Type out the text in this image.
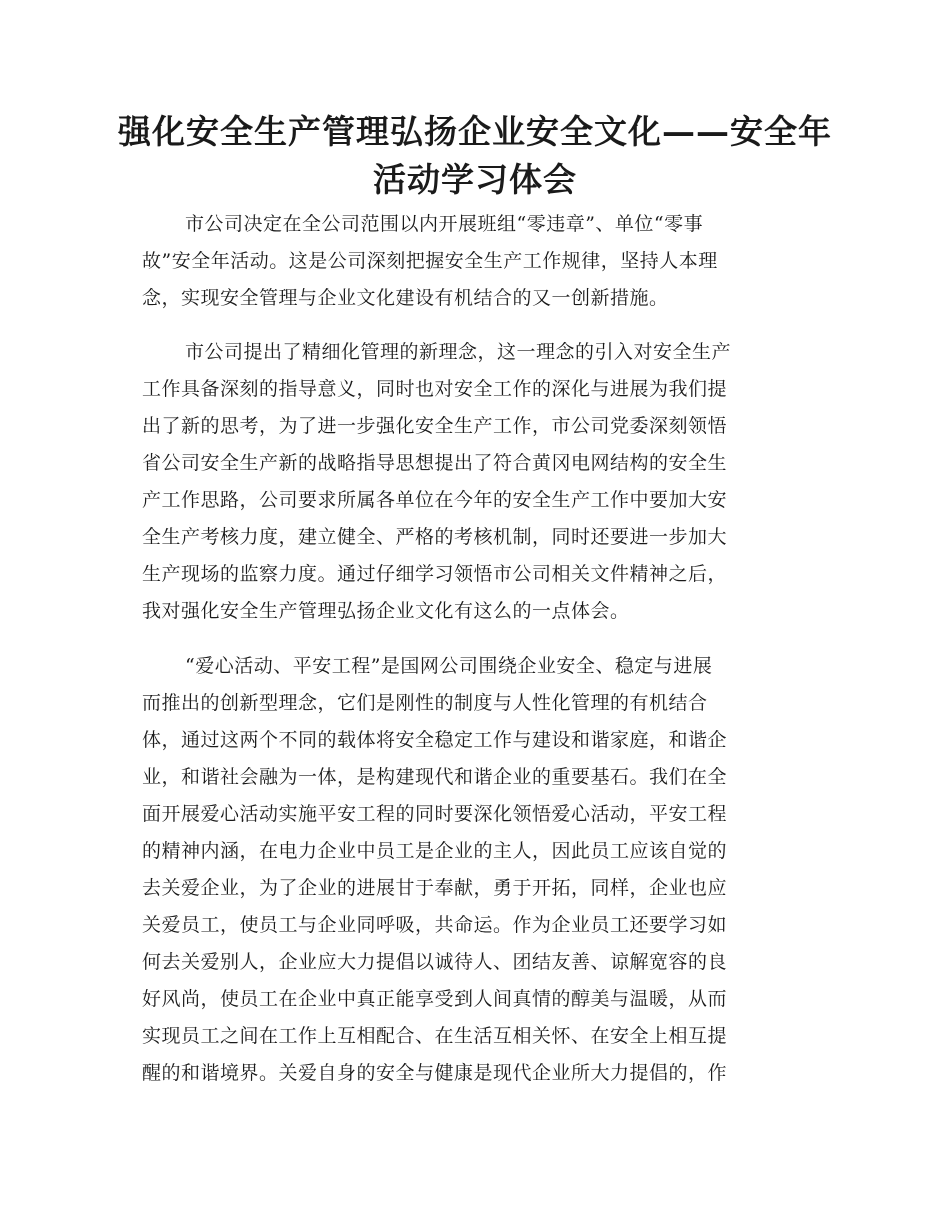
强化安全生产管理弘扬企业安全文化——安全年
活动学习体会
市公司决定在全公司范围以内开展班组“零违章”、单位“零事
故”安全年活动。这是公司深刻把握安全生产工作规律，坚持人本理
念，实现安全管理与企业文化建设有机结合的又一创新措施。
市公司提出了精细化管理的新理念，这一理念的引入对安全生产
工作具备深刻的指导意义，同时也对安全工作的深化与进展为我们提
出了新的思考，为了进一步强化安全生产工作，市公司党委深刻领悟
省公司安全生产新的战略指导思想提出了符合黄冈电网结构的安全生
产工作思路，公司要求所属各单位在今年的安全生产工作中要加大安
全生产考核力度，建立健全、严格的考核机制，同时还要进一步加大
生产现场的监察力度。通过仔细学习领悟市公司相关文件精神之后，
我对强化安全生产管理弘扬企业文化有这么的一点体会。
“爱心活动、平安工程”是国网公司围绕企业安全、稳定与进展
而推出的创新型理念，它们是刚性的制度与人性化管理的有机结合
体，通过这两个不同的载体将安全稳定工作与建设和谐家庭，和谐企
业，和谐社会融为一体，是构建现代和谐企业的重要基石。我们在全
面开展爱心活动实施平安工程的同时要深化领悟爱心活动，平安工程
的精神内涵，在电力企业中员工是企业的主人，因此员工应该自觉的
去关爱企业，为了企业的进展甘于奉献，勇于开拓，同样，企业也应
关爱员工，使员工与企业同呼吸，共命运。作为企业员工还要学习如
何去关爱别人，企业应大力提倡以诚待人、团结友善、谅解宽容的良
好风尚，使员工在企业中真正能享受到人间真情的醇美与温暖，从而
实现员工之间在工作上互相配合、在生活互相关怀、在安全上相互提
醒的和谐境界。关爱自身的安全与健康是现代企业所大力提倡的，作
